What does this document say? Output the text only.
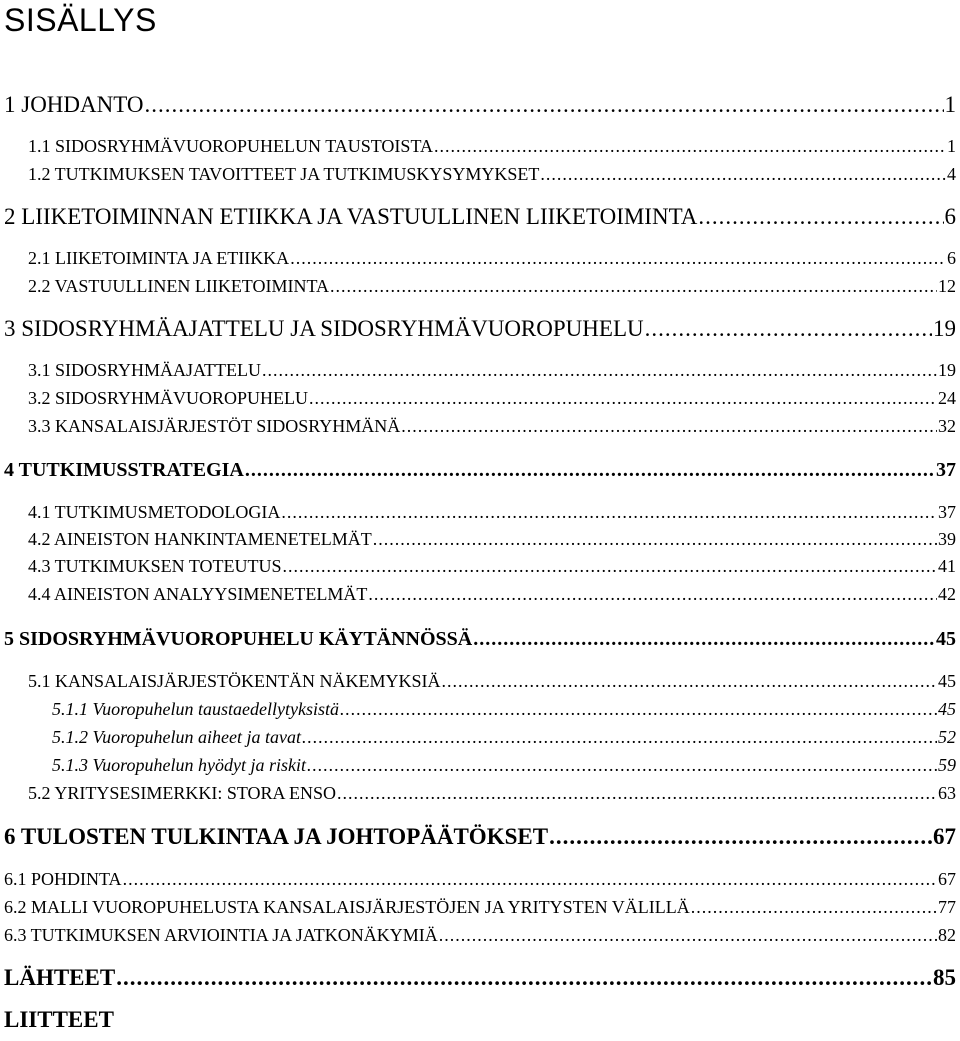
SISÄLLYS
1 JOHDANTO .....	1
1.1 SIDOSRYHMÄVUOROPUHELUN TAUSTOISTA .....	1
1.2 TUTKIMUKSEN TAVOITTEET JA TUTKIMUSKYSYMYKSET .....	4
2 LIIKETOIMINNAN ETIIKKA JA VASTUULLINEN LIIKETOIMINTA .....	6
2.1 LIIKETOIMINTA JA ETIIKKA .....	6
2.2 VASTUULLINEN LIIKETOIMINTA .....	12
3 SIDOSRYHMÄAJATTELU JA SIDOSRYHMÄVUOROPUHELU .....	19
3.1 SIDOSRYHMÄAJATTELU .....	19
3.2 SIDOSRYHMÄVUOROPUHELU .....	24
3.3 KANSALAISJÄRJESTÖT SIDOSRYHMÄNÄ .....	32
4 TUTKIMUSSTRATEGIA .....	37
4.1 TUTKIMUSMETODOLOGIA .....	37
4.2 AINEISTON HANKINTAMENETELMÄT .....	39
4.3 TUTKIMUKSEN TOTEUTUS .....	41
4.4 AINEISTON ANALYYSIMENETELMÄT .....	42
5 SIDOSRYHMÄVUOROPUHELU KÄYTÄNNÖSSÄ .....	45
5.1 KANSALAISJÄRJESTÖKENTÄN NÄKEMYKSIÄ .....	45
5.1.1 Vuoropuhelun taustaedellytyksistä .....	45
5.1.2 Vuoropuhelun aiheet ja tavat .....	52
5.1.3 Vuoropuhelun hyödyt ja riskit .....	59
5.2 YRITYSESIMERKKI: STORA ENSO .....	63
6 TULOSTEN TULKINTAA JA JOHTOPÄÄTÖKSET .....	67
6.1 POHDINTA .....	67
6.2 MALLI VUOROPUHELUSTA KANSALAISJÄRJESTÖJEN JA YRITYSTEN VÄLILLÄ .....	77
6.3 TUTKIMUKSEN ARVIOINTIA JA JATKONÄKYMIÄ .....	82
LÄHTEET .....	85
LIITTEET
